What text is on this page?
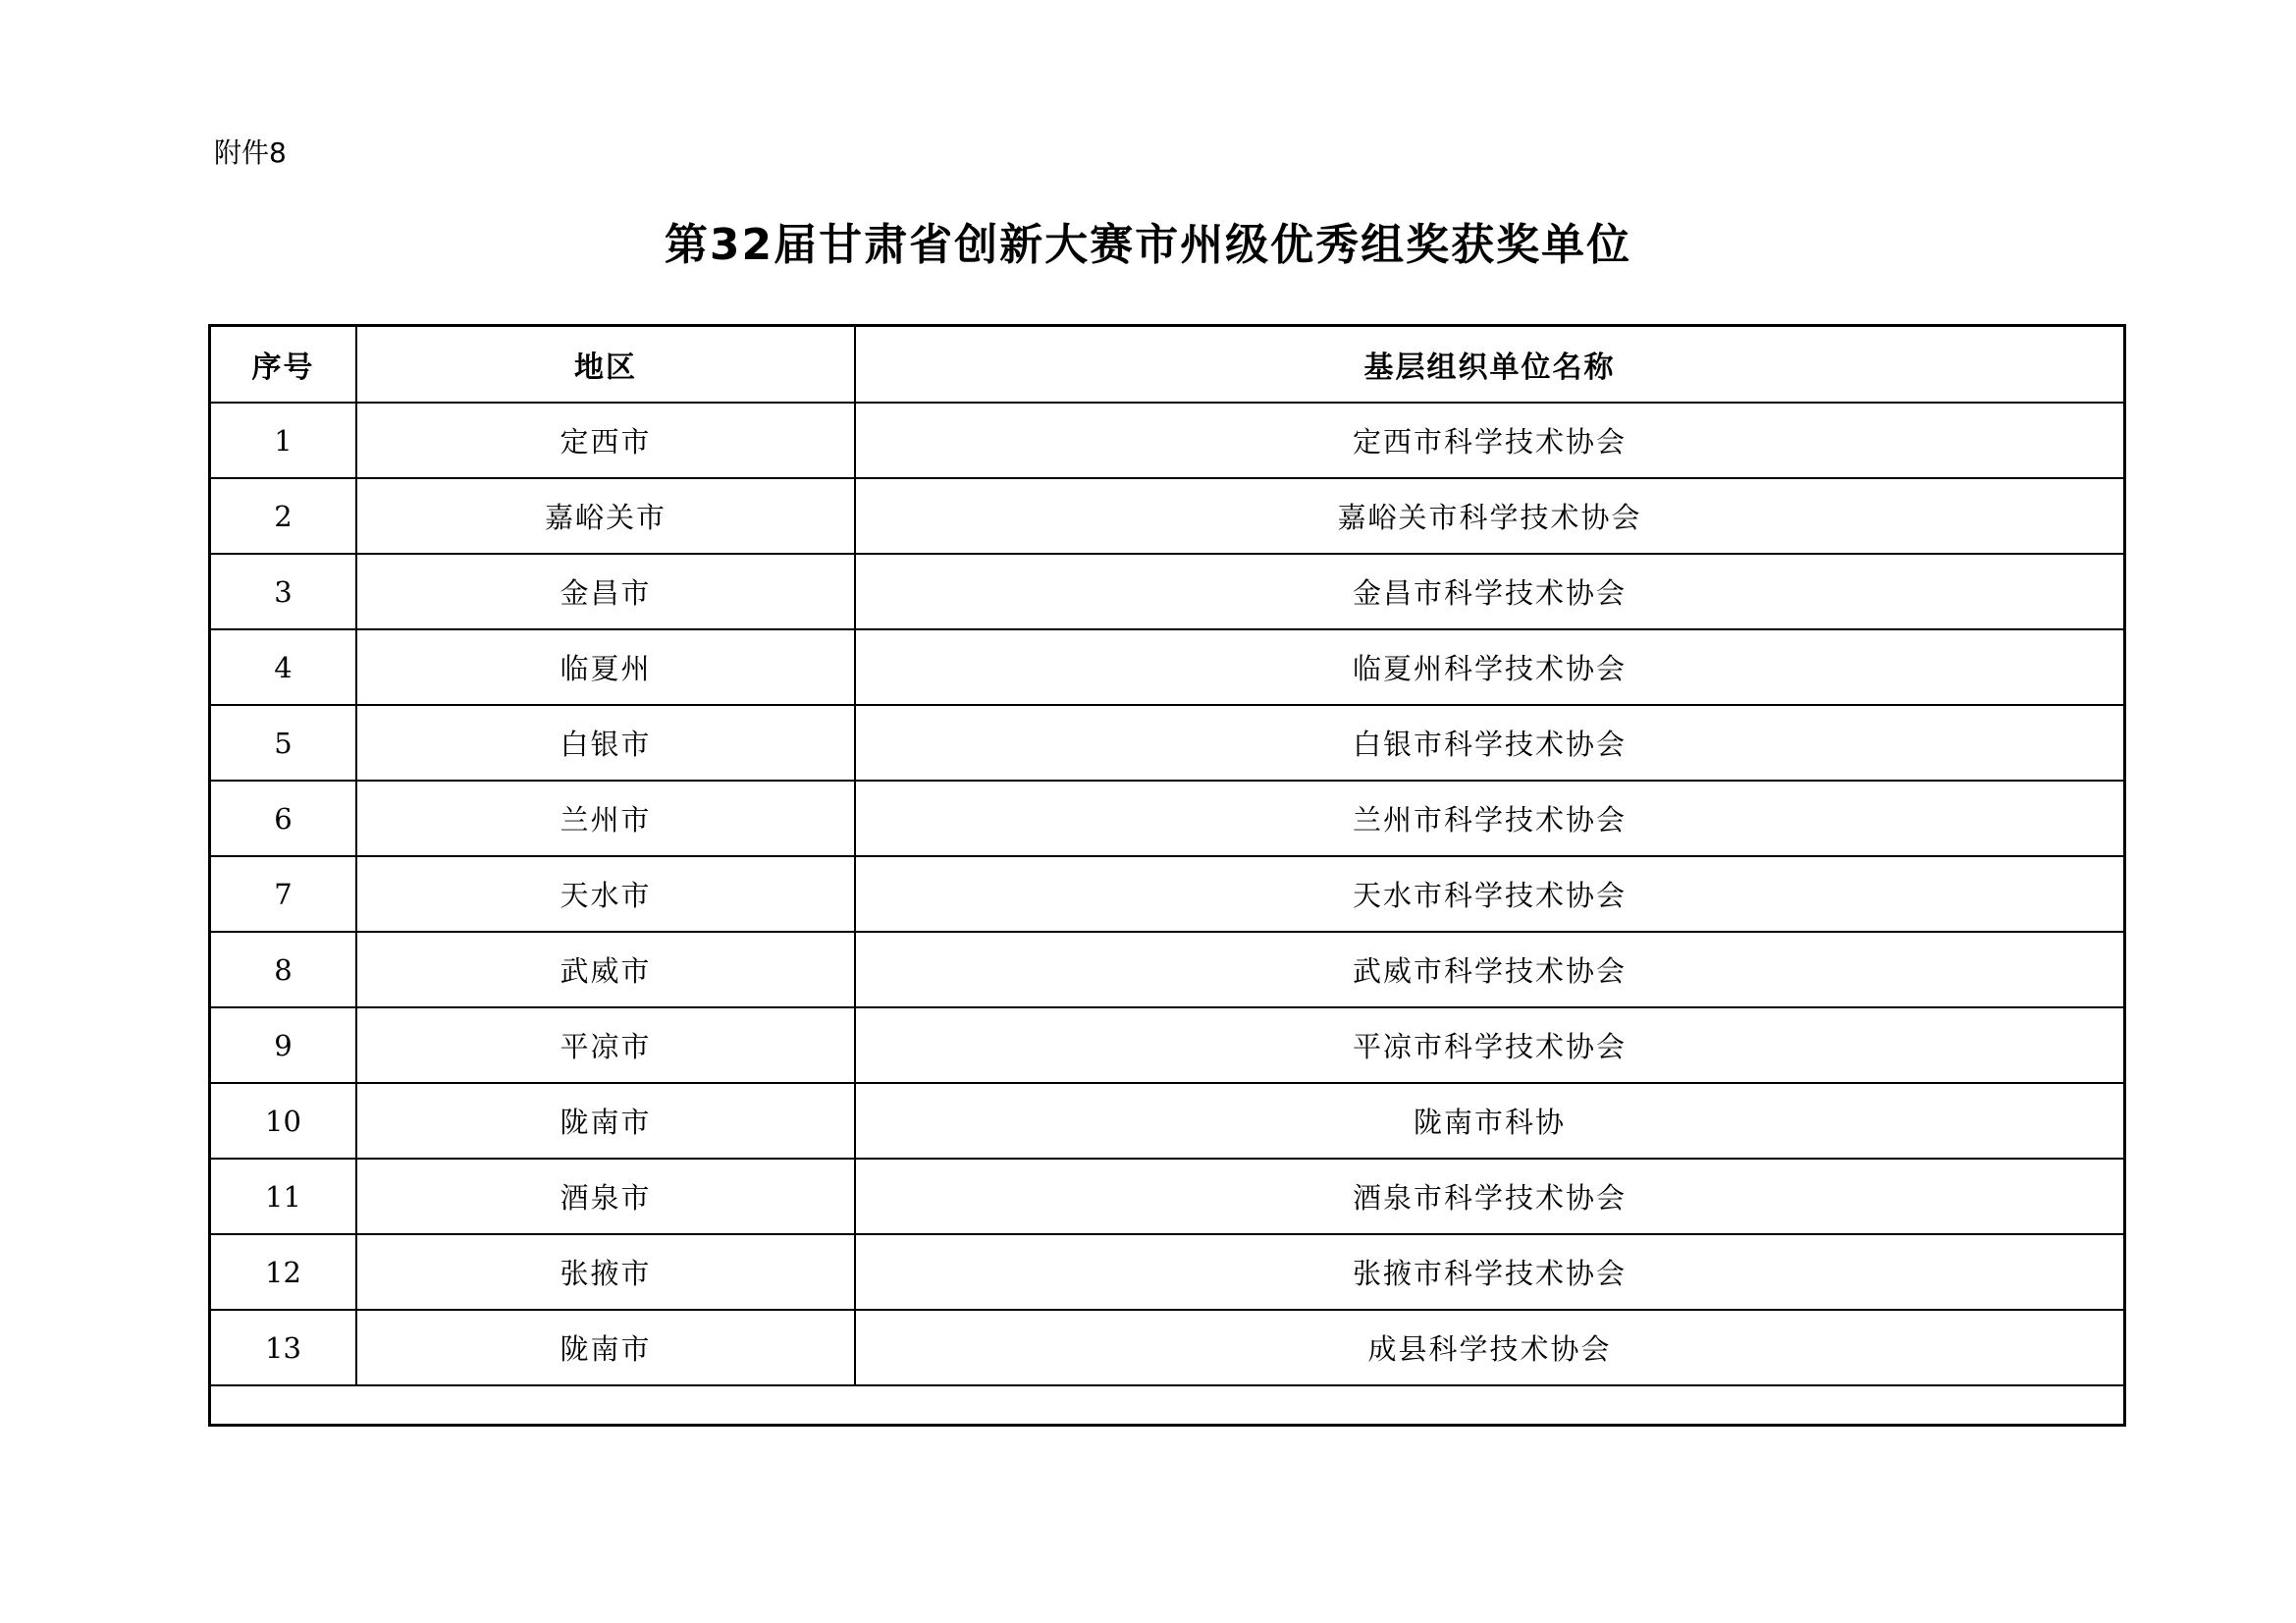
附件8
第32届甘肃省创新大赛市州级优秀组奖获奖单位
序号	地区	基层组织单位名称
1	定西市	定西市科学技术协会
2	嘉峪关市	嘉峪关市科学技术协会
3	金昌市	金昌市科学技术协会
4	临夏州	临夏州科学技术协会
5	白银市	白银市科学技术协会
6	兰州市	兰州市科学技术协会
7	天水市	天水市科学技术协会
8	武威市	武威市科学技术协会
9	平凉市	平凉市科学技术协会
10	陇南市	陇南市科协
11	酒泉市	酒泉市科学技术协会
12	张掖市	张掖市科学技术协会
13	陇南市	成县科学技术协会
